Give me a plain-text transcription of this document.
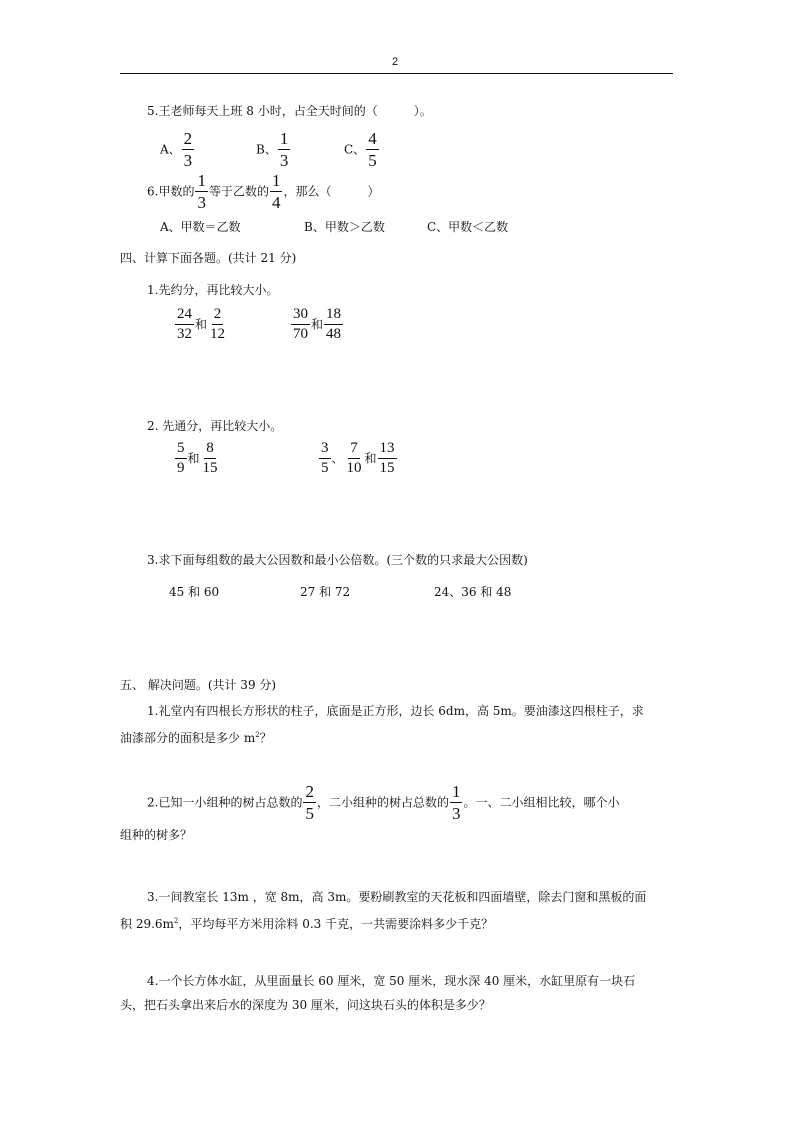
2
5.王老师每天上班 8 小时，占全天时间的（　　　）。
A、 $\frac{2}{3}$	B、 $\frac{1}{3}$	C、 $\frac{4}{5}$
6.甲数的 $\frac{1}{3}$ 等于乙数的 $\frac{1}{4}$ ，那么（　　　）
A、甲数＝乙数	B、甲数＞乙数	C、甲数＜乙数
四、计算下面各题。(共计 21 分)
1.先约分，再比较大小。
$\frac{24}{32}$ 和 $\frac{2}{12}$	$\frac{30}{70}$ 和 $\frac{18}{48}$
2. 先通分，再比较大小。
$\frac{5}{9}$ 和 $\frac{8}{15}$	$\frac{3}{5}$ 、 $\frac{7}{10}$ 和 $\frac{13}{15}$
3.求下面每组数的最大公因数和最小公倍数。(三个数的只求最大公因数)
45 和 60	27 和 72	24、36 和 48
五、 解决问题。(共计 39 分)
1.礼堂内有四根长方形状的柱子，底面是正方形，边长 6dm，高 5m。要油漆这四根柱子，求
油漆部分的面积是多少 $m^2$？
2.已知一小组种的树占总数的 $\frac{2}{5}$ ，二小组种的树占总数的 $\frac{1}{3}$ 。一、二小组相比较，哪个小
组种的树多？
3.一间教室长 13m ，宽 8m，高 3m。要粉刷教室的天花板和四面墙壁，除去门窗和黑板的面
积 $29.6m^2$，平均每平方米用涂料 0.3 千克，一共需要涂料多少千克？
4.一个长方体水缸，从里面量长 60 厘米，宽 50 厘米，现水深 40 厘米，水缸里原有一块石
头，把石头拿出来后水的深度为 30 厘米，问这块石头的体积是多少？
